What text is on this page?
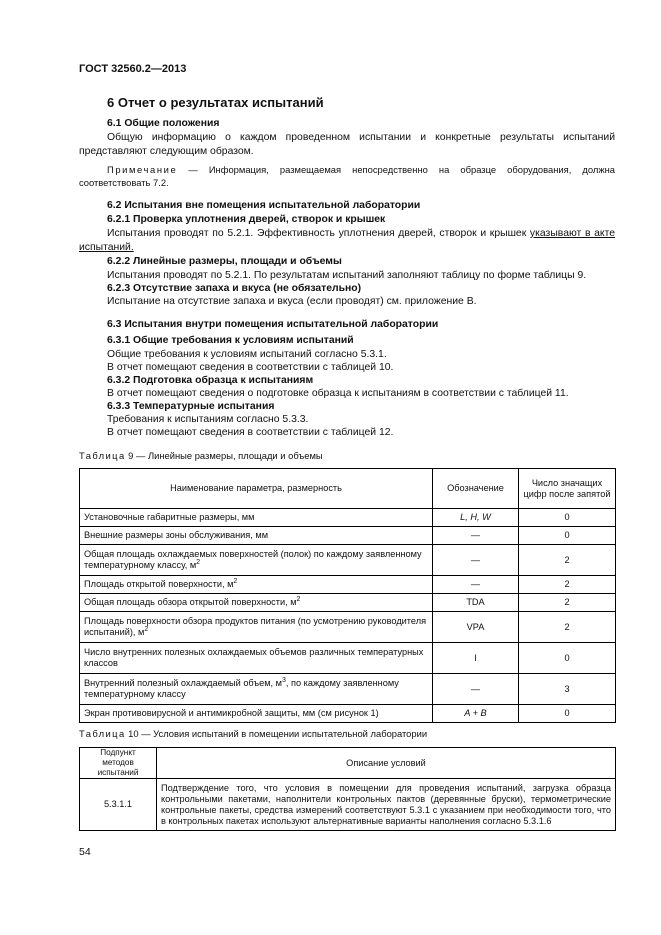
ГОСТ 32560.2—2013
6 Отчет о результатах испытаний
6.1 Общие положения
Общую информацию о каждом проведенном испытании и конкретные результаты испытаний представляют следующим образом.
Примечание — Информация, размещаемая непосредственно на образце оборудования, должна соответствовать 7.2.
6.2 Испытания вне помещения испытательной лаборатории
6.2.1 Проверка уплотнения дверей, створок и крышек
Испытания проводят по 5.2.1. Эффективность уплотнения дверей, створок и крышек указывают в акте испытаний.
6.2.2 Линейные размеры, площади и объемы
Испытания проводят по 5.2.1. По результатам испытаний заполняют таблицу по форме таблицы 9.
6.2.3 Отсутствие запаха и вкуса (не обязательно)
Испытание на отсутствие запаха и вкуса (если проводят) см. приложение В.
6.3 Испытания внутри помещения испытательной лаборатории
6.3.1 Общие требования к условиям испытаний
Общие требования к условиям испытаний согласно 5.3.1.
В отчет помещают сведения в соответствии с таблицей 10.
6.3.2 Подготовка образца к испытаниям
В отчет помещают сведения о подготовке образца к испытаниям в соответствии с таблицей 11.
6.3.3 Температурные испытания
Требования к испытаниям согласно 5.3.3.
В отчет помещают сведения в соответствии с таблицей 12.
Таблица 9 — Линейные размеры, площади и объемы
Наименование параметра, размерность	Обозначение	Число значащих цифр после запятой
Установочные габаритные размеры, мм	L, H, W	0
Внешние размеры зоны обслуживания, мм	—	0
Общая площадь охлаждаемых поверхностей (полок) по каждому заявленному температурному классу, $м^2$	—	2
Площадь открытой поверхности, $м^2$	—	2
Общая площадь обзора открытой поверхности, $м^2$	TDA	2
Площадь поверхности обзора продуктов питания (по усмотрению руководителя испытаний), $м^2$	VPA	2
Число внутренних полезных охлаждаемых объемов различных температурных классов	I	0
Внутренний полезный охлаждаемый объем, $м^3$, по каждому заявленному температурному классу	—	3
Экран противовирусной и антимикробной защиты, мм (см рисунок 1)	A + B	0
Таблица 10 — Условия испытаний в помещении испытательной лаборатории
Подпункт методов испытаний	Описание условий
5.3.1.1	Подтверждение того, что условия в помещении для проведения испытаний, загрузка образца контрольными пакетами, наполнители контрольных пактов (деревянные бруски), термометрические контрольные пакеты, средства измерений соответствуют 5.3.1 с указанием при необходимости того, что в контрольных пакетах используют альтернативные варианты наполнения согласно 5.3.1.6
54
